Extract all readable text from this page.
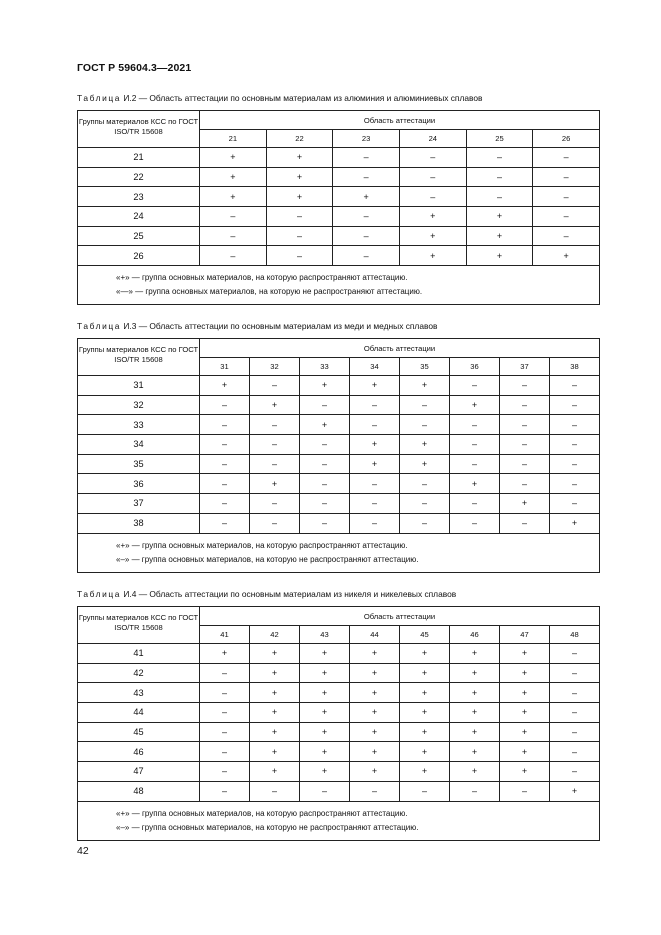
ГОСТ Р 59604.3—2021
Таблица И.2 — Область аттестации по основным материалам из алюминия и алюминиевых сплавов
Группы материалов КСС по ГОСТ ISO/TR 15608	Область аттестации					
	21	22	23	24	25	26
21	+	+	–	–	–	–
22	+	+	–	–	–	–
23	+	+	+	–	–	–
24	–	–	–	+	+	–
25	–	–	–	+	+	–
26	–	–	–	+	+	+

«+» — группа основных материалов, на которую распространяют аттестацию.
«—» — группа основных материалов, на которую не распространяют аттестацию.						
Таблица И.3 — Область аттестации по основным материалам из меди и медных сплавов
Группы материалов КСС по ГОСТ ISO/TR 15608	Область аттестации							
	31	32	33	34	35	36	37	38
31	+	–	+	+	+	–	–	–
32	–	+	–	–	–	+	–	–
33	–	–	+	–	–	–	–	–
34	–	–	–	+	+	–	–	–
35	–	–	–	+	+	–	–	–
36	–	+	–	–	–	+	–	–
37	–	–	–	–	–	–	+	–
38	–	–	–	–	–	–	–	+

«+» — группа основных материалов, на которую распространяют аттестацию.
«–» — группа основных материалов, на которую не распространяют аттестацию.								
Таблица И.4 — Область аттестации по основным материалам из никеля и никелевых сплавов
Группы материалов КСС по ГОСТ ISO/TR 15608	Область аттестации							
	41	42	43	44	45	46	47	48
41	+	+	+	+	+	+	+	–
42	–	+	+	+	+	+	+	–
43	–	+	+	+	+	+	+	–
44	–	+	+	+	+	+	+	–
45	–	+	+	+	+	+	+	–
46	–	+	+	+	+	+	+	–
47	–	+	+	+	+	+	+	–
48	–	–	–	–	–	–	–	+

«+» — группа основных материалов, на которую распространяют аттестацию.
«–» — группа основных материалов, на которую не распространяют аттестацию.								
42
